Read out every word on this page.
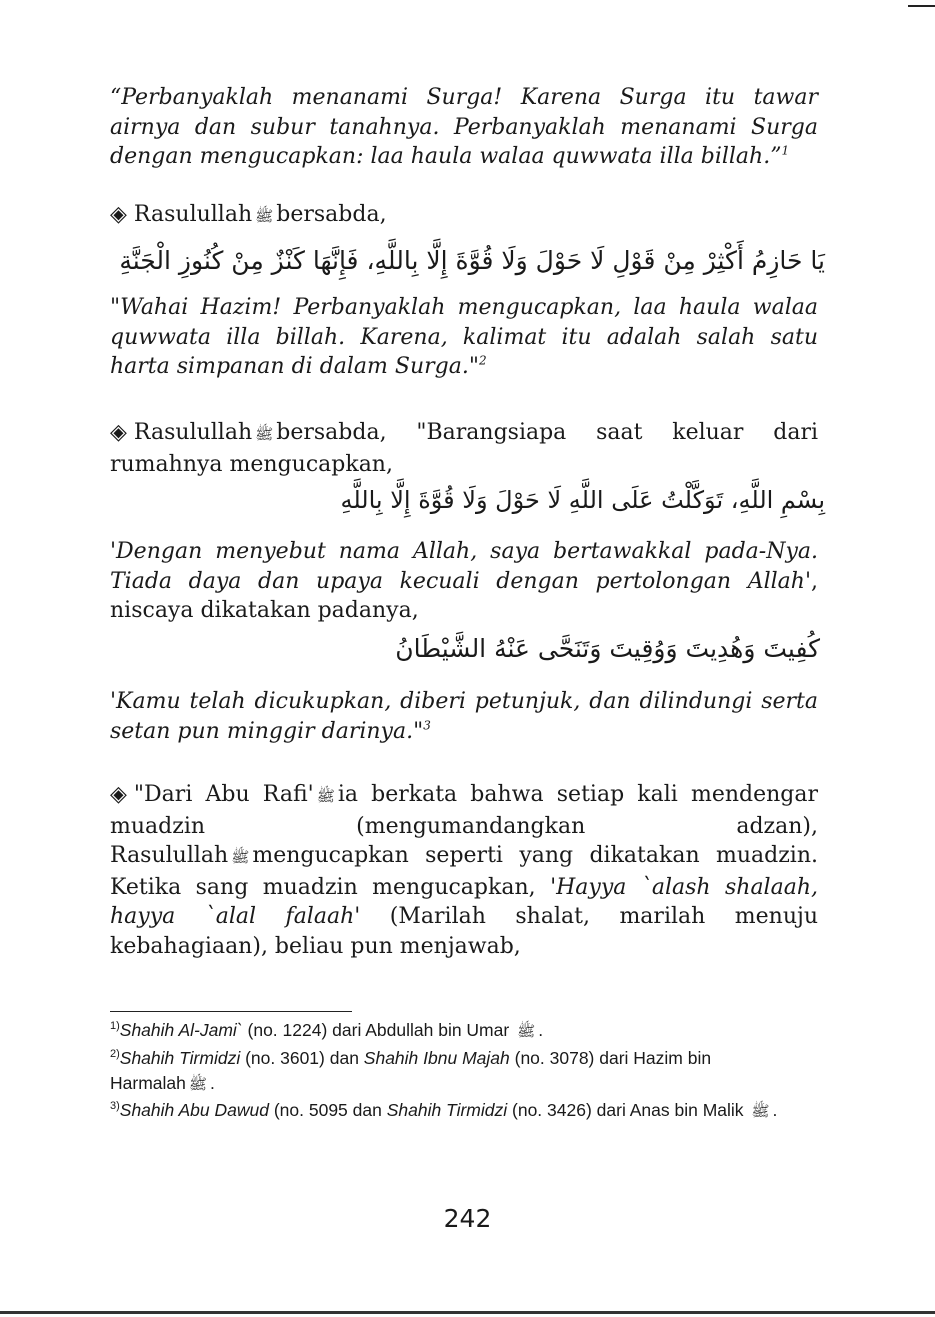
“Perbanyaklah menanami Surga! Karena Surga itu tawar airnya dan subur tanahnya. Perbanyaklah menanami Surga dengan mengucapkan: laa haula walaa quwwata illa billah.”$^1$

◈ Rasulullah ﷺ bersabda,

يَا حَازِمُ أَكْثِرْ مِنْ قَوْلِ لَا حَوْلَ وَلَا قُوَّةَ إِلَّا بِاللَّهِ، فَإِنَّهَا كَنْزٌ مِنْ كُنُوزِ الْجَنَّةِ

"Wahai Hazim! Perbanyaklah mengucapkan, laa haula walaa quwwata illa billah. Karena, kalimat itu adalah salah satu harta simpanan di dalam Surga."$^2$

◈ Rasulullah ﷺ bersabda, "Barangsiapa saat keluar dari rumahnya mengucapkan,

بِسْمِ اللَّهِ، تَوَكَّلْتُ عَلَى اللَّهِ لَا حَوْلَ وَلَا قُوَّةَ إِلَّا بِاللَّهِ

'Dengan menyebut nama Allah, saya bertawakkal pada-Nya. Tiada daya dan upaya kecuali dengan pertolongan Allah', niscaya dikatakan padanya,

كُفِيتَ وَهُدِيتَ وَوُقِيتَ وَتَنَحَّى عَنْهُ الشَّيْطَانُ

'Kamu telah dicukupkan, diberi petunjuk, dan dilindungi serta setan pun minggir darinya."$^3$

◈ "Dari Abu Rafi' ﷺ ia berkata bahwa setiap kali mendengar muadzin (mengumandangkan adzan), Rasulullah ﷺ mengucapkan seperti yang dikatakan muadzin. Ketika sang muadzin mengucapkan, 'Hayya `alash shalaah, hayya `alal falaah' (Marilah shalat, marilah menuju kebahagiaan), beliau pun menjawab,

$^{1)}$Shahih Al-Jami` (no. 1224) dari Abdullah bin Umar ﷺ .
$^{2)}$Shahih Tirmidzi (no. 3601) dan Shahih Ibnu Majah (no. 3078) dari Hazim bin Harmalah ﷺ .
$^{3)}$Shahih Abu Dawud (no. 5095 dan Shahih Tirmidzi (no. 3426) dari Anas bin Malik ﷺ .
242
